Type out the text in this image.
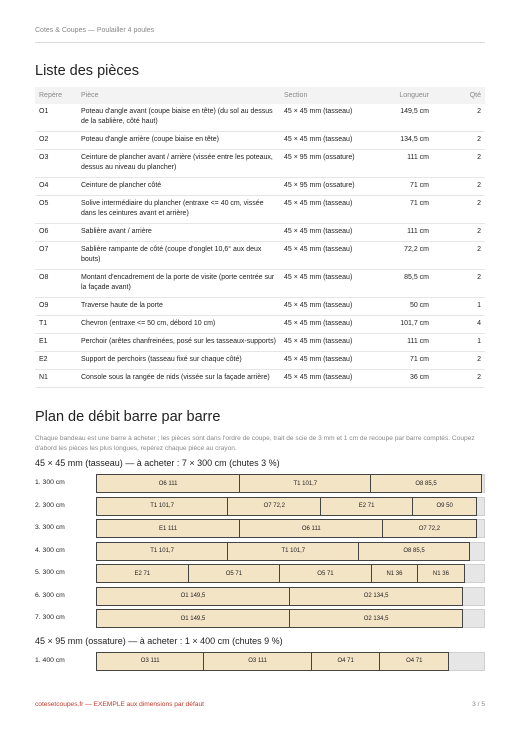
Cotes & Coupes — Poulailler 4 poules
Liste des pièces
Repère	Pièce	Section	Longueur	Qté
O1	Poteau d'angle avant (coupe biaise en tête) (du sol au dessus de la sablière, côté haut)	45 × 45 mm (tasseau)	149,5 cm	2
O2	Poteau d'angle arrière (coupe biaise en tête)	45 × 45 mm (tasseau)	134,5 cm	2
O3	Ceinture de plancher avant / arrière (vissée entre les poteaux, dessus au niveau du plancher)	45 × 95 mm (ossature)	111 cm	2
O4	Ceinture de plancher côté	45 × 95 mm (ossature)	71 cm	2
O5	Solive intermédiaire du plancher (entraxe <= 40 cm, vissée dans les ceintures avant et arrière)	45 × 45 mm (tasseau)	71 cm	2
O6	Sablière avant / arrière	45 × 45 mm (tasseau)	111 cm	2
O7	Sablière rampante de côté (coupe d'onglet 10,6° aux deux bouts)	45 × 45 mm (tasseau)	72,2 cm	2
O8	Montant d'encadrement de la porte de visite (porte centrée sur la façade avant)	45 × 45 mm (tasseau)	85,5 cm	2
O9	Traverse haute de la porte	45 × 45 mm (tasseau)	50 cm	1
T1	Chevron (entraxe <= 50 cm, débord 10 cm)	45 × 45 mm (tasseau)	101,7 cm	4
E1	Perchoir (arêtes chanfreinées, posé sur les tasseaux-supports)	45 × 45 mm (tasseau)	111 cm	1
E2	Support de perchoirs (tasseau fixé sur chaque côté)	45 × 45 mm (tasseau)	71 cm	2
N1	Console sous la rangée de nids (vissée sur la façade arrière)	45 × 45 mm (tasseau)	36 cm	2
Plan de débit barre par barre
Chaque bandeau est une barre à acheter ; les pièces sont dans l'ordre de coupe, trait de scie de 3 mm et 1 cm de recoupe par barre comptés. Coupez d'abord les pièces les plus longues, repérez chaque pièce au crayon.
45 × 45 mm (tasseau) — à acheter : 7 × 300 cm (chutes 3 %)
1. 300 cm	O6 111	T1 101,7	O8 85,5
2. 300 cm	T1 101,7	O7 72,2	E2 71	O9 50
3. 300 cm	E1 111	O6 111	O7 72,2
4. 300 cm	T1 101,7	T1 101,7	O8 85,5
5. 300 cm	E2 71	O5 71	O5 71	N1 36	N1 36
6. 300 cm	O1 149,5	O2 134,5
7. 300 cm	O1 149,5	O2 134,5
45 × 95 mm (ossature) — à acheter : 1 × 400 cm (chutes 9 %)
1. 400 cm	O3 111	O3 111	O4 71	O4 71
cotesetcoupes.fr — EXEMPLE aux dimensions par défaut	3 / 5
